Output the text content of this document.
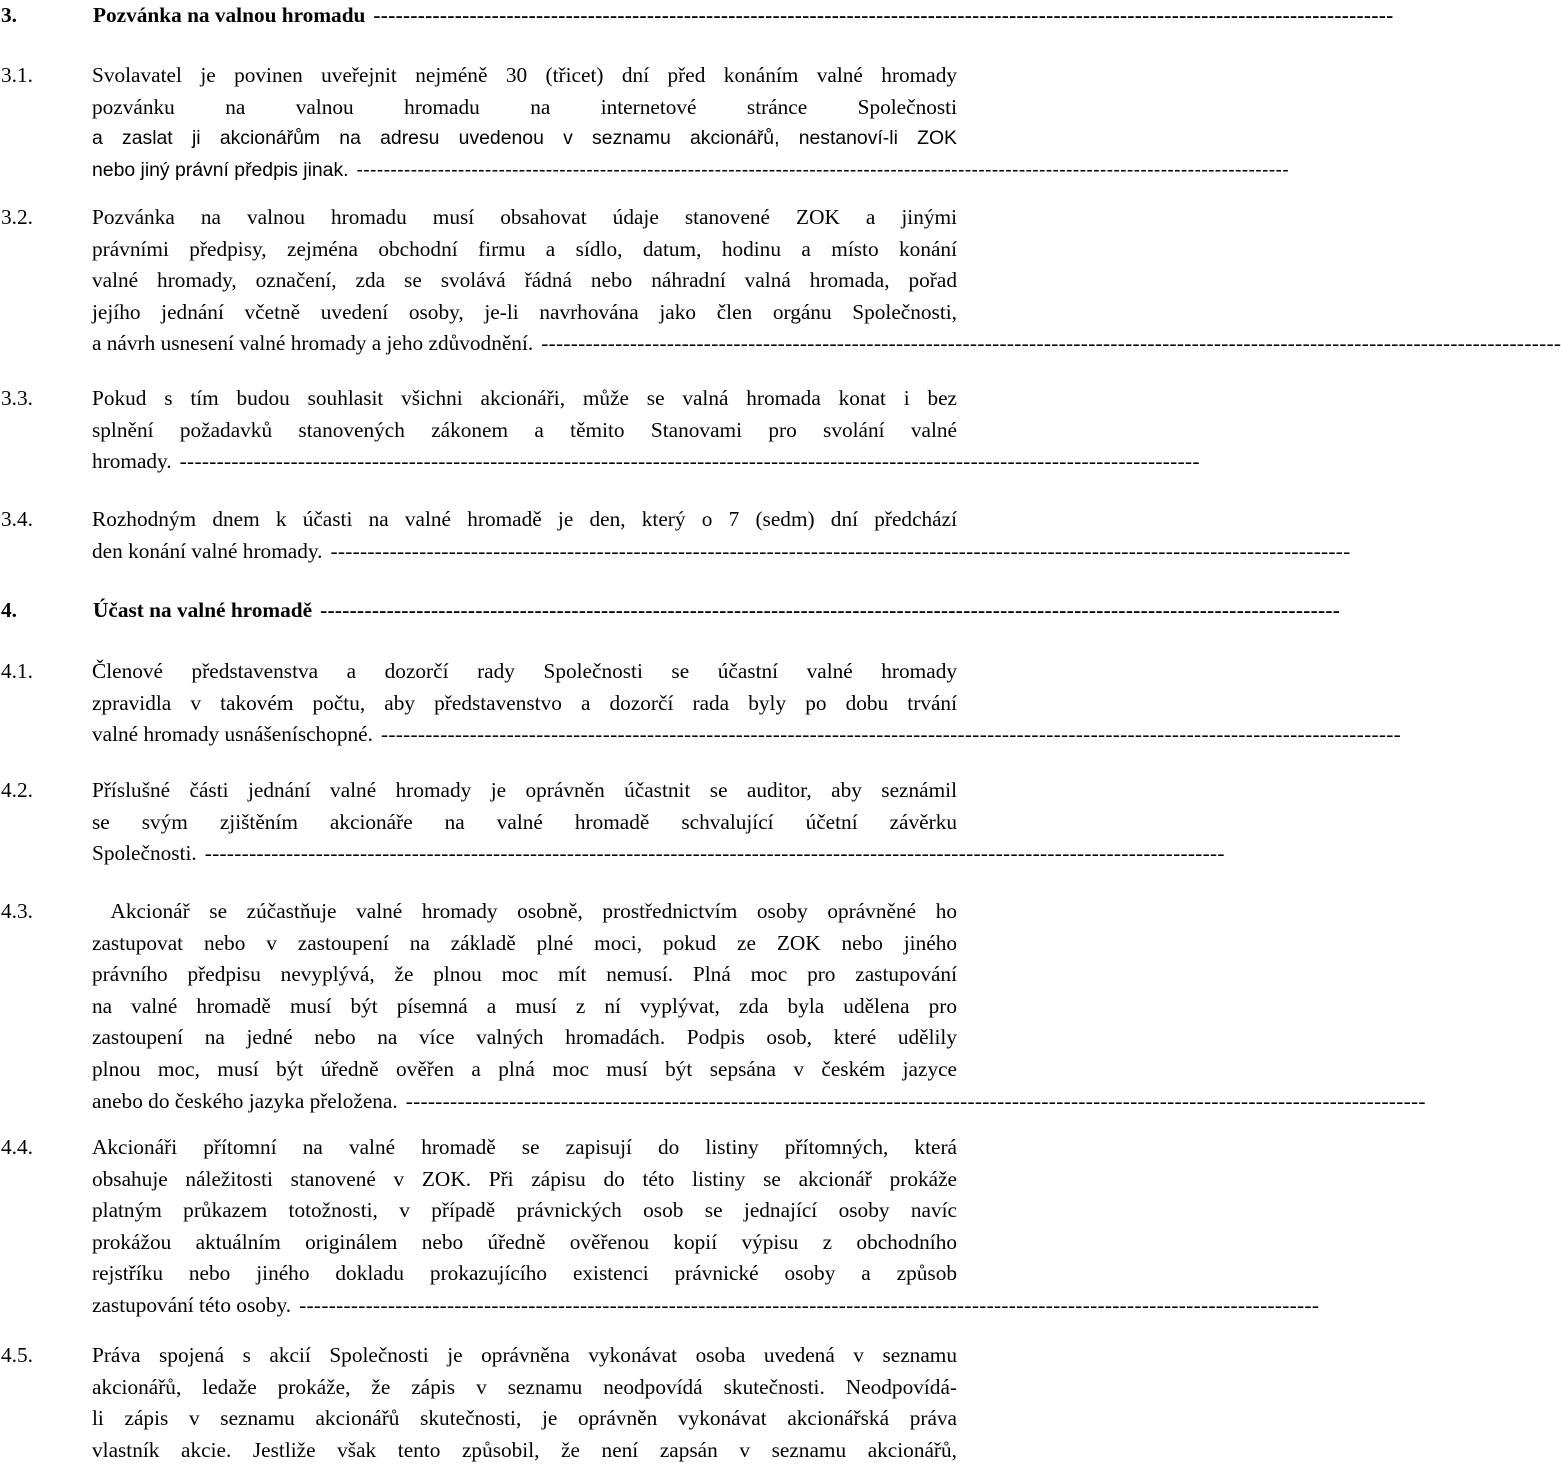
3.	Pozvánka na valnou hromadu ------------------------------------------------------------------------------------------------------------------------------------------
3.1.	Svolavatel je povinen uveřejnit nejméně 30 (třicet) dní před konáním valné hromady
pozvánku na valnou hromadu na internetové stránce Společnosti
a zaslat ji akcionářům na adresu uvedenou v seznamu akcionářů, nestanoví-li ZOK
nebo jiný právní předpis jinak. ------------------------------------------------------------------------------------------------------------------------------------------
3.2.	Pozvánka na valnou hromadu musí obsahovat údaje stanovené ZOK a jinými
právními předpisy, zejména obchodní firmu a sídlo, datum, hodinu a místo konání
valné hromady, označení, zda se svolává řádná nebo náhradní valná hromada, pořad
jejího jednání včetně uvedení osoby, je-li navrhována jako člen orgánu Společnosti,
a návrh usnesení valné hromady a jeho zdůvodnění. ------------------------------------------------------------------------------------------------------------------------------------------
3.3.	Pokud s tím budou souhlasit všichni akcionáři, může se valná hromada konat i bez
splnění požadavků stanovených zákonem a těmito Stanovami pro svolání valné
hromady. ------------------------------------------------------------------------------------------------------------------------------------------
3.4.	Rozhodným dnem k účasti na valné hromadě je den, který o 7 (sedm) dní předchází
den konání valné hromady. ------------------------------------------------------------------------------------------------------------------------------------------
4.	Účast na valné hromadě ------------------------------------------------------------------------------------------------------------------------------------------
4.1.	Členové představenstva a dozorčí rady Společnosti se účastní valné hromady
zpravidla v takovém počtu, aby představenstvo a dozorčí rada byly po dobu trvání
valné hromady usnášeníschopné. ------------------------------------------------------------------------------------------------------------------------------------------
4.2.	Příslušné části jednání valné hromady je oprávněn účastnit se auditor, aby seznámil
se svým zjištěním akcionáře na valné hromadě schvalující účetní závěrku
Společnosti. ------------------------------------------------------------------------------------------------------------------------------------------
4.3.	Akcionář se zúčastňuje valné hromady osobně, prostřednictvím osoby oprávněné ho
zastupovat nebo v zastoupení na základě plné moci, pokud ze ZOK nebo jiného
právního předpisu nevyplývá, že plnou moc mít nemusí. Plná moc pro zastupování
na valné hromadě musí být písemná a musí z ní vyplývat, zda byla udělena pro
zastoupení na jedné nebo na více valných hromadách. Podpis osob, které udělily
plnou moc, musí být úředně ověřen a plná moc musí být sepsána v českém jazyce
anebo do českého jazyka přeložena. ------------------------------------------------------------------------------------------------------------------------------------------
4.4.	Akcionáři přítomní na valné hromadě se zapisují do listiny přítomných, která
obsahuje náležitosti stanovené v ZOK. Při zápisu do této listiny se akcionář prokáže
platným průkazem totožnosti, v případě právnických osob se jednající osoby navíc
prokážou aktuálním originálem nebo úředně ověřenou kopií výpisu z obchodního
rejstříku nebo jiného dokladu prokazujícího existenci právnické osoby a způsob
zastupování této osoby. ------------------------------------------------------------------------------------------------------------------------------------------
4.5.	Práva spojená s akcií Společnosti je oprávněna vykonávat osoba uvedená v seznamu
akcionářů, ledaže prokáže, že zápis v seznamu neodpovídá skutečnosti. Neodpovídá-
li zápis v seznamu akcionářů skutečnosti, je oprávněn vykonávat akcionářská práva
vlastník akcie. Jestliže však tento způsobil, že není zapsán v seznamu akcionářů,
